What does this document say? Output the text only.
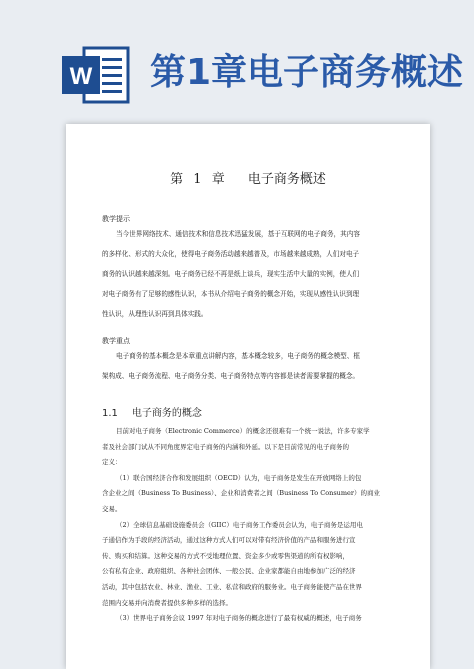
W 第1章电子商务概述
第 1 章　 电子商务概述
教学提示
当今世界网络技术、通信技术和信息技术迅猛发展，基于互联网的电子商务，其内容
的多样化、形式的大众化，使得电子商务活动越来越普及，市场越来越成熟，人们对电子
商务的认识越来越深刻。电子商务已经不再是纸上谈兵，现实生活中大量的实例，使人们
对电子商务有了足够的感性认识，本书从介绍电子商务的概念开始，实现从感性认识到理
性认识，从理性认识再到具体实践。
教学重点
电子商务的基本概念是本章重点讲解内容，基本概念较多，电子商务的概念模型、框
架构成、电子商务流程、电子商务分类、电子商务特点等内容都是读者需要掌握的概念。
1.1 电子商务的概念
目前对电子商务（Electronic Commerce）的概念还很难有一个统一说法，许多专家学
者及社会部门试从不同角度界定电子商务的内涵和外延。以下是目前常见的电子商务的
定义：
（1）联合国经济合作和发展组织（OECD）认为，电子商务是发生在开放网络上的包
含企业之间（Business To Business）、企业和消费者之间（Business To Consumer）的商业
交易。
（2）全球信息基础设施委员会（GIIC）电子商务工作委员会认为，电子商务是运用电
子通信作为手段的经济活动，通过这种方式人们可以对带有经济价值的产品和服务进行宣
传、购买和结算。这种交易的方式不受地理位置、资金多少或零售渠道的所有权影响，
公有私有企业、政府组织、各种社会团体、一般公民、企业家都能自由地参加广泛的经济
活动，其中包括农业、林业、渔业、工业、私营和政府的服务业。电子商务能使产品在世界
范围内交易并向消费者提供多种多样的选择。
（3）世界电子商务会议 1997 年对电子商务的概念进行了最有权威的概述，电子商务
